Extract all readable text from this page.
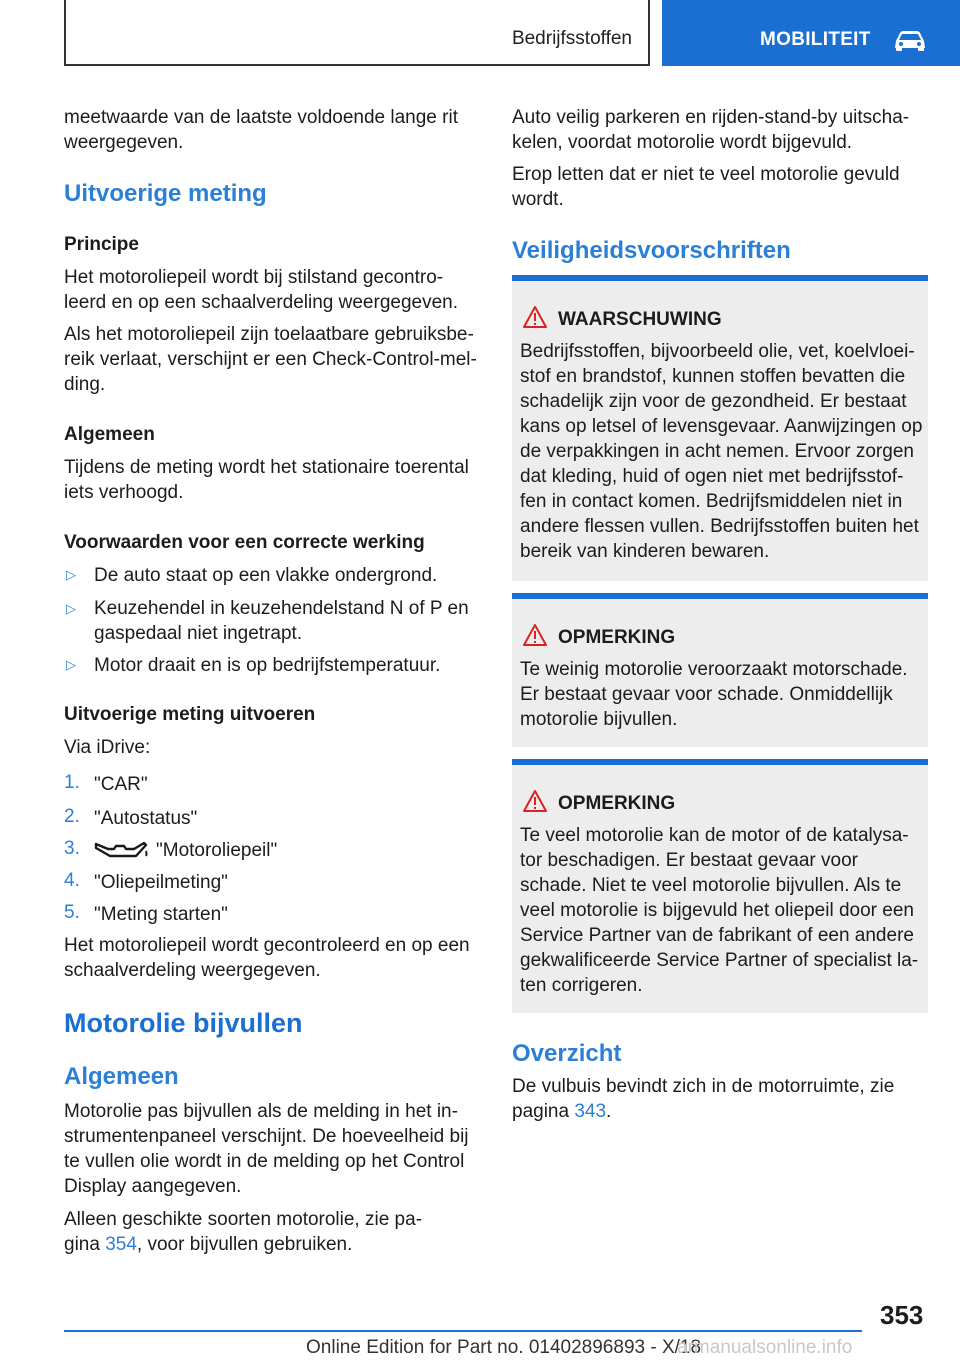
Bedrijfsstoffen	MOBILITEIT
meetwaarde van de laatste voldoende lange rit
weergegeven.
Uitvoerige meting
Principe
Het motoroliepeil wordt bij stilstand gecontro-
leerd en op een schaalverdeling weergegeven.
Als het motoroliepeil zijn toelaatbare gebruiksbe-
reik verlaat, verschijnt er een Check-Control-mel-
ding.
Algemeen
Tijdens de meting wordt het stationaire toerental
iets verhoogd.
Voorwaarden voor een correcte werking
▷ De auto staat op een vlakke ondergrond.
▷ Keuzehendel in keuzehendelstand N of P en
gaspedaal niet ingetrapt.
▷ Motor draait en is op bedrijfstemperatuur.
Uitvoerige meting uitvoeren
Via iDrive:
1. "CAR"
2. "Autostatus"
3.	"Motoroliepeil"
4. "Oliepeilmeting"
5. "Meting starten"
Het motoroliepeil wordt gecontroleerd en op een
schaalverdeling weergegeven.
Motorolie bijvullen
Algemeen
Motorolie pas bijvullen als de melding in het in-
strumentenpaneel verschijnt. De hoeveelheid bij
te vullen olie wordt in de melding op het Control
Display aangegeven.
Alleen geschikte soorten motorolie, zie pa-
gina 354, voor bijvullen gebruiken.
Auto veilig parkeren en rijden-stand-by uitscha-
kelen, voordat motorolie wordt bijgevuld.
Erop letten dat er niet te veel motorolie gevuld
wordt.
Veiligheidsvoorschriften
WAARSCHUWING
Bedrijfsstoffen, bijvoorbeeld olie, vet, koelvloei-
stof en brandstof, kunnen stoffen bevatten die
schadelijk zijn voor de gezondheid. Er bestaat
kans op letsel of levensgevaar. Aanwijzingen op
de verpakkingen in acht nemen. Ervoor zorgen
dat kleding, huid of ogen niet met bedrijfsstof-
fen in contact komen. Bedrijfsmiddelen niet in
andere flessen vullen. Bedrijfsstoffen buiten het
bereik van kinderen bewaren.
OPMERKING
Te weinig motorolie veroorzaakt motorschade.
Er bestaat gevaar voor schade. Onmiddellijk
motorolie bijvullen.
OPMERKING
Te veel motorolie kan de motor of de katalysa-
tor beschadigen. Er bestaat gevaar voor
schade. Niet te veel motorolie bijvullen. Als te
veel motorolie is bijgevuld het oliepeil door een
Service Partner van de fabrikant of een andere
gekwalificeerde Service Partner of specialist la-
ten corrigeren.
Overzicht
De vulbuis bevindt zich in de motorruimte, zie
pagina 343.
353
Online Edition for Part no. 01402896893 - X/18
armanualsonline.info
